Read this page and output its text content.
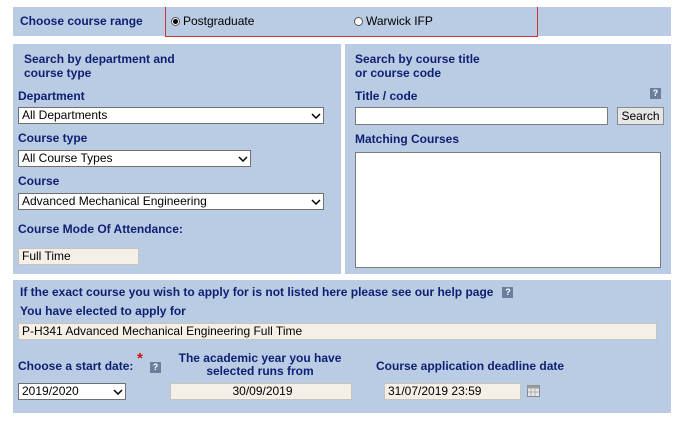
Choose course range	Postgraduate	Warwick IFP
Search by department and
course type
Department
All Departments
Course type
All Course Types
Course
Advanced Mechanical Engineering
Course Mode Of Attendance:
Full Time
Search by course title
or course code
Title / code	?
Search
Matching Courses
If the exact course you wish to apply for is not listed here please see our help page	?
You have elected to apply for
P-H341 Advanced Mechanical Engineering Full Time
Choose a start date: *	?
2019/2020
The academic year you have
selected runs from
30/09/2019
Course application deadline date
31/07/2019 23:59
